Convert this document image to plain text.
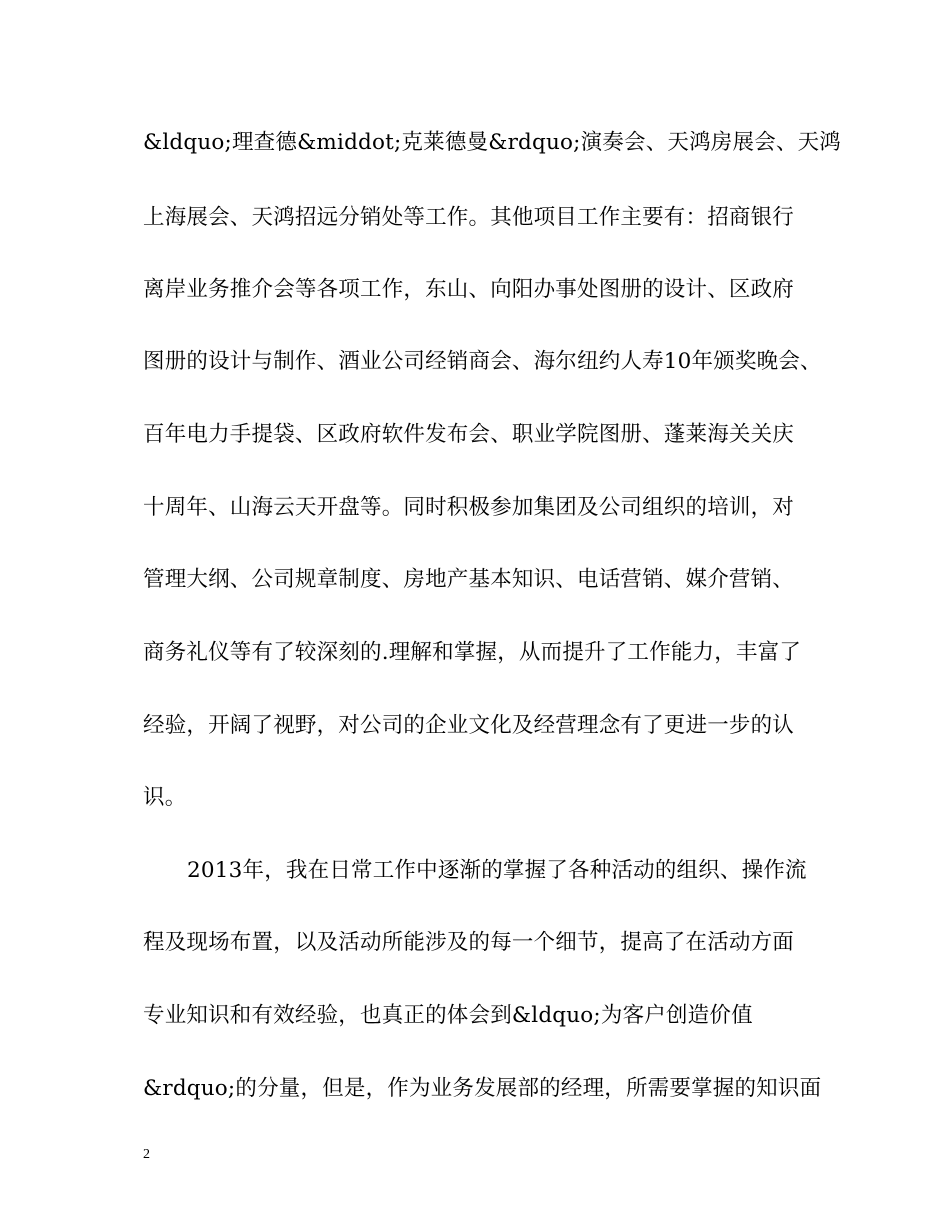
&ldquo;理查德&middot;克莱德曼&rdquo;演奏会、天鸿房展会、天鸿
上海展会、天鸿招远分销处等工作。其他项目工作主要有：招商银行
离岸业务推介会等各项工作，东山、向阳办事处图册的设计、区政府
图册的设计与制作、酒业公司经销商会、海尔纽约人寿10年颁奖晚会、
百年电力手提袋、区政府软件发布会、职业学院图册、蓬莱海关关庆
十周年、山海云天开盘等。同时积极参加集团及公司组织的培训，对
管理大纲、公司规章制度、房地产基本知识、电话营销、媒介营销、
商务礼仪等有了较深刻的.理解和掌握，从而提升了工作能力，丰富了
经验，开阔了视野，对公司的企业文化及经营理念有了更进一步的认
识。
2013年，我在日常工作中逐渐的掌握了各种活动的组织、操作流
程及现场布置，以及活动所能涉及的每一个细节，提高了在活动方面
专业知识和有效经验，也真正的体会到&ldquo;为客户创造价值
&rdquo;的分量，但是，作为业务发展部的经理，所需要掌握的知识面
2
